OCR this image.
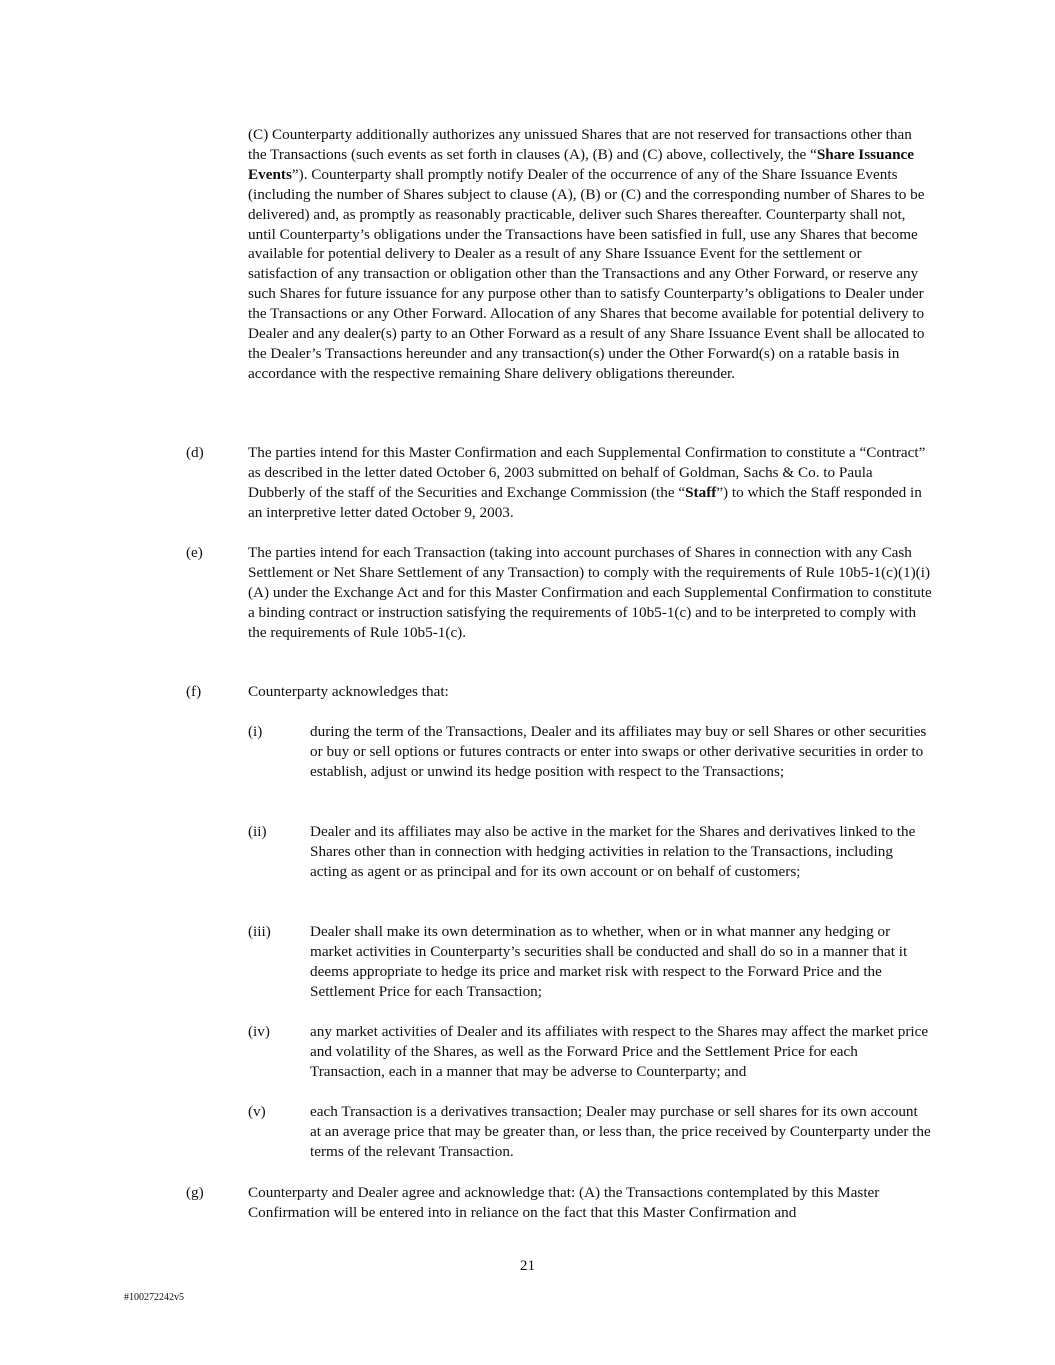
(C) Counterparty additionally authorizes any unissued Shares that are not reserved for transactions other than the Transactions (such events as set forth in clauses (A), (B) and (C) above, collectively, the “Share Issuance Events”). Counterparty shall promptly notify Dealer of the occurrence of any of the Share Issuance Events (including the number of Shares subject to clause (A), (B) or (C) and the corresponding number of Shares to be delivered) and, as promptly as reasonably practicable, deliver such Shares thereafter. Counterparty shall not, until Counterparty’s obligations under the Transactions have been satisfied in full, use any Shares that become available for potential delivery to Dealer as a result of any Share Issuance Event for the settlement or satisfaction of any transaction or obligation other than the Transactions and any Other Forward, or reserve any such Shares for future issuance for any purpose other than to satisfy Counterparty’s obligations to Dealer under the Transactions or any Other Forward. Allocation of any Shares that become available for potential delivery to Dealer and any dealer(s) party to an Other Forward as a result of any Share Issuance Event shall be allocated to the Dealer’s Transactions hereunder and any transaction(s) under the Other Forward(s) on a ratable basis in accordance with the respective remaining Share delivery obligations thereunder.

(d)	The parties intend for this Master Confirmation and each Supplemental Confirmation to constitute a “Contract” as described in the letter dated October 6, 2003 submitted on behalf of Goldman, Sachs & Co. to Paula Dubberly of the staff of the Securities and Exchange Commission (the “Staff”) to which the Staff responded in an interpretive letter dated October 9, 2003.

(e)	The parties intend for each Transaction (taking into account purchases of Shares in connection with any Cash Settlement or Net Share Settlement of any Transaction) to comply with the requirements of Rule 10b5-1(c)(1)(i)(A) under the Exchange Act and for this Master Confirmation and each Supplemental Confirmation to constitute a binding contract or instruction satisfying the requirements of 10b5-1(c) and to be interpreted to comply with the requirements of Rule 10b5-1(c).

(f)	Counterparty acknowledges that:

(i)	during the term of the Transactions, Dealer and its affiliates may buy or sell Shares or other securities or buy or sell options or futures contracts or enter into swaps or other derivative securities in order to establish, adjust or unwind its hedge position with respect to the Transactions;

(ii)	Dealer and its affiliates may also be active in the market for the Shares and derivatives linked to the Shares other than in connection with hedging activities in relation to the Transactions, including acting as agent or as principal and for its own account or on behalf of customers;

(iii)	Dealer shall make its own determination as to whether, when or in what manner any hedging or market activities in Counterparty’s securities shall be conducted and shall do so in a manner that it deems appropriate to hedge its price and market risk with respect to the Forward Price and the Settlement Price for each Transaction;

(iv)	any market activities of Dealer and its affiliates with respect to the Shares may affect the market price and volatility of the Shares, as well as the Forward Price and the Settlement Price for each Transaction, each in a manner that may be adverse to Counterparty; and

(v)	each Transaction is a derivatives transaction; Dealer may purchase or sell shares for its own account at an average price that may be greater than, or less than, the price received by Counterparty under the terms of the relevant Transaction.

(g)	Counterparty and Dealer agree and acknowledge that: (A) the Transactions contemplated by this Master Confirmation will be entered into in reliance on the fact that this Master Confirmation and

21
#100272242v5
